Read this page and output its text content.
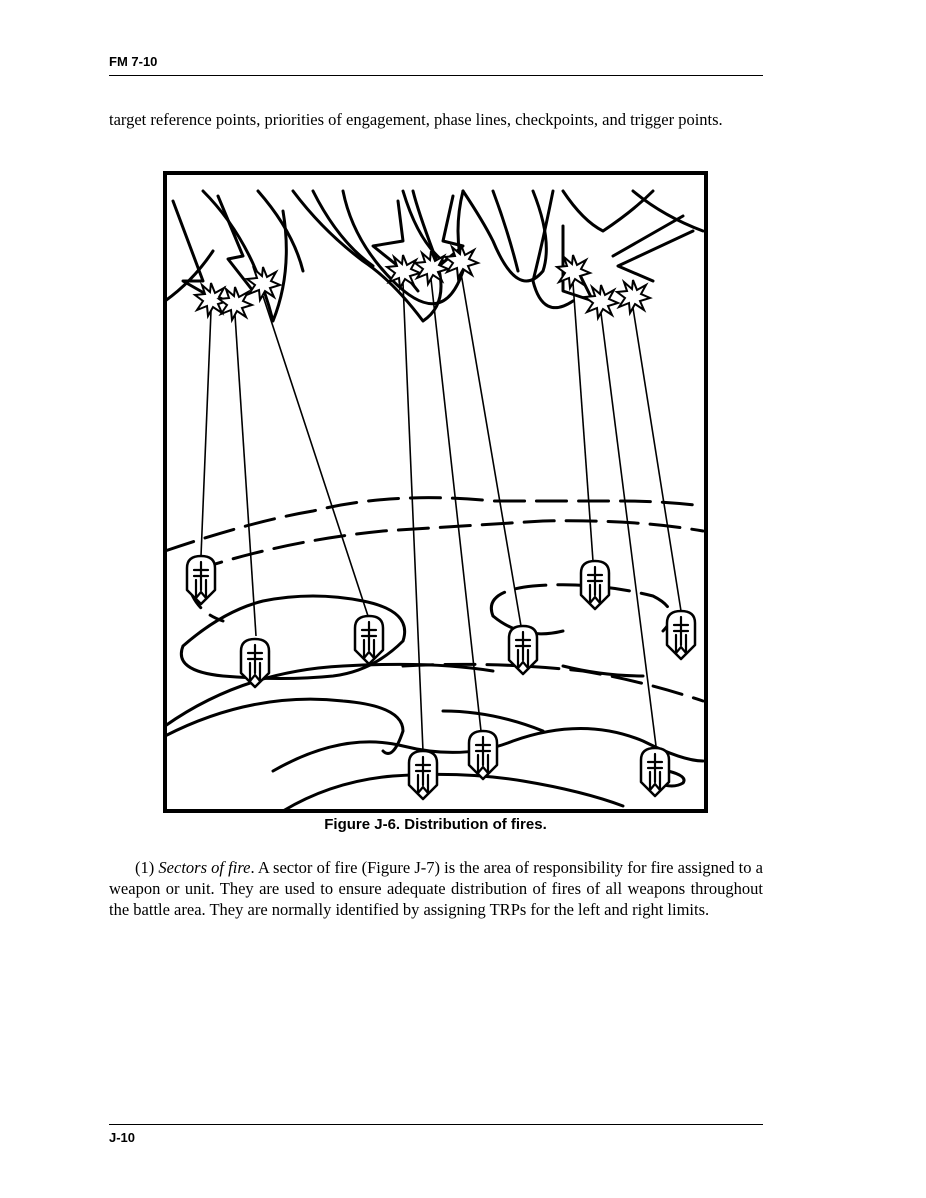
FM 7-10
target reference points, priorities of engagement, phase lines, checkpoints, and trigger points.
Figure J-6. Distribution of fires.
(1) Sectors of fire. A sector of fire (Figure J-7) is the area of responsibility for fire assigned to a weapon or unit. They are used to ensure adequate distribution of fires of all weapons throughout the battle area. They are normally identified by assigning TRPs for the left and right limits.
J-10
